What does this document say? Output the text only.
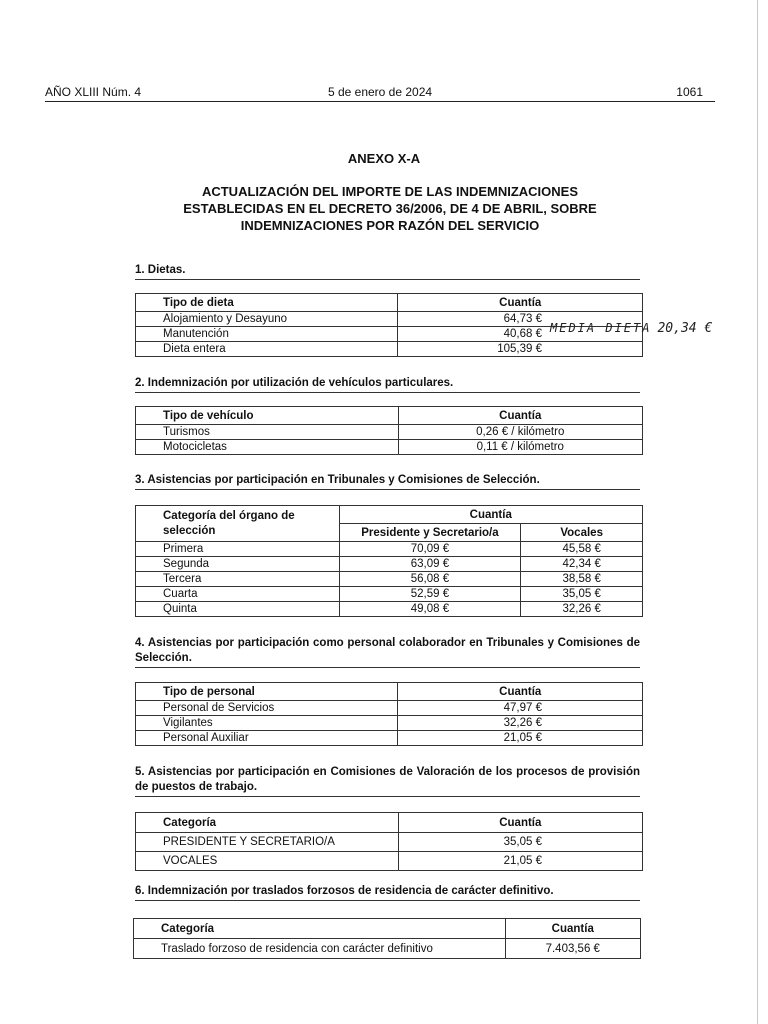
AÑO XLIII Núm. 4	5 de enero de 2024	1061
ANEXO X-A
ACTUALIZACIÓN DEL IMPORTE DE LAS INDEMNIZACIONES
ESTABLECIDAS EN EL DECRETO 36/2006, DE 4 DE ABRIL, SOBRE
INDEMNIZACIONES POR RAZÓN DEL SERVICIO
1. Dietas.
Tipo de dieta	Cuantía
Alojamiento y Desayuno	64,73 €
Manutención	40,68 €
Dieta entera	105,39 €
MEDIA DIETA 20,34 €
2. Indemnización por utilización de vehículos particulares.
Tipo de vehículo	Cuantía
Turismos	0,26 € / kilómetro
Motocicletas	0,11 € / kilómetro
3. Asistencias por participación en Tribunales y Comisiones de Selección.
Categoría del órgano de selección	Cuantía	
	Presidente y Secretario/a	Vocales
Primera	70,09 €	45,58 €
Segunda	63,09 €	42,34 €
Tercera	56,08 €	38,58 €
Cuarta	52,59 €	35,05 €
Quinta	49,08 €	32,26 €
4. Asistencias por participación como personal colaborador en Tribunales y Comisiones de Selección.
Tipo de personal	Cuantía
Personal de Servicios	47,97 €
Vigilantes	32,26 €
Personal Auxiliar	21,05 €
5. Asistencias por participación en Comisiones de Valoración de los procesos de provisión de puestos de trabajo.
Categoría	Cuantía
PRESIDENTE Y SECRETARIO/A	35,05 €
VOCALES	21,05 €
6. Indemnización por traslados forzosos de residencia de carácter definitivo.
Categoría	Cuantía
Traslado forzoso de residencia con carácter definitivo	7.403,56 €
